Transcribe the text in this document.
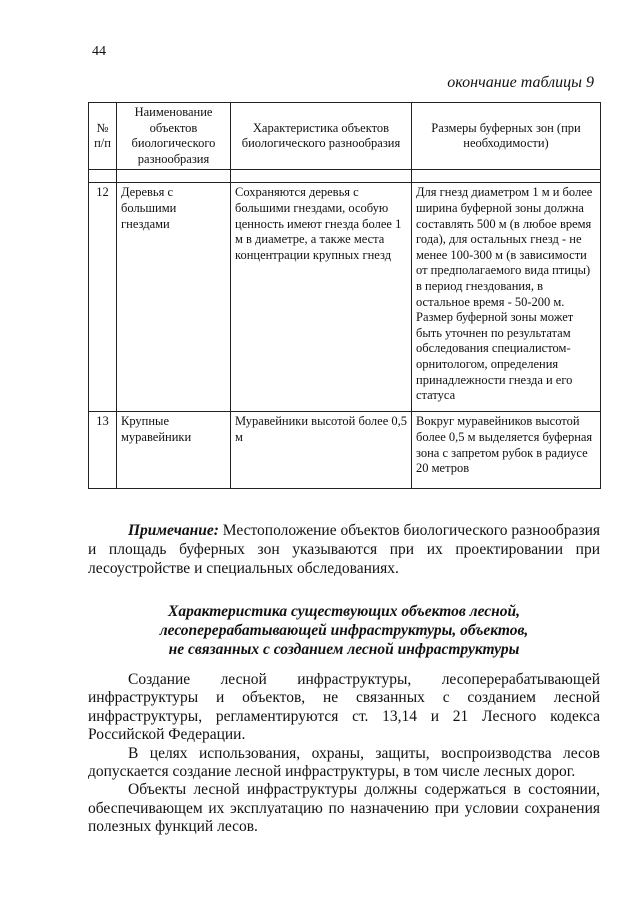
44
окончание таблицы 9
№ п/п	Наименование объектов биологического разнообразия	Характеристика объектов биологического разнообразия	Размеры буферных зон (при необходимости)

12	Деревья с большими гнездами	Сохраняются деревья с большими гнездами, особую ценность имеют гнезда более 1 м в диаметре, а также места концентрации крупных гнезд	Для гнезд диаметром 1 м и более ширина буферной зоны должна составлять 500 м (в любое время года), для остальных гнезд - не менее 100-300 м (в зависимости от предполагаемого вида птицы) в период гнездования, в остальное время - 50-200 м. Размер буферной зоны может быть уточнен по результатам обследования специалистом-орнитологом, определения принадлежности гнезда и его статуса
13	Крупные муравейники	Муравейники высотой более 0,5 м	Вокруг муравейников высотой более 0,5 м выделяется буферная зона с запретом рубок в радиусе 20 метров

Примечание: Местоположение объектов биологического разнообразия и площадь буферных зон указываются при их проектировании при лесоустройстве и специальных обследованиях.

Характеристика существующих объектов лесной,
лесоперерабатывающей инфраструктуры, объектов,
не связанных с созданием лесной инфраструктуры

Создание лесной инфраструктуры, лесоперерабатывающей инфраструктуры и объектов, не связанных с созданием лесной инфраструктуры, регламентируются ст. 13,14 и 21 Лесного кодекса Российской Федерации.

В целях использования, охраны, защиты, воспроизводства лесов допускается создание лесной инфраструктуры, в том числе лесных дорог.

Объекты лесной инфраструктуры должны содержаться в состоянии, обеспечивающем их эксплуатацию по назначению при условии сохранения полезных функций лесов.
